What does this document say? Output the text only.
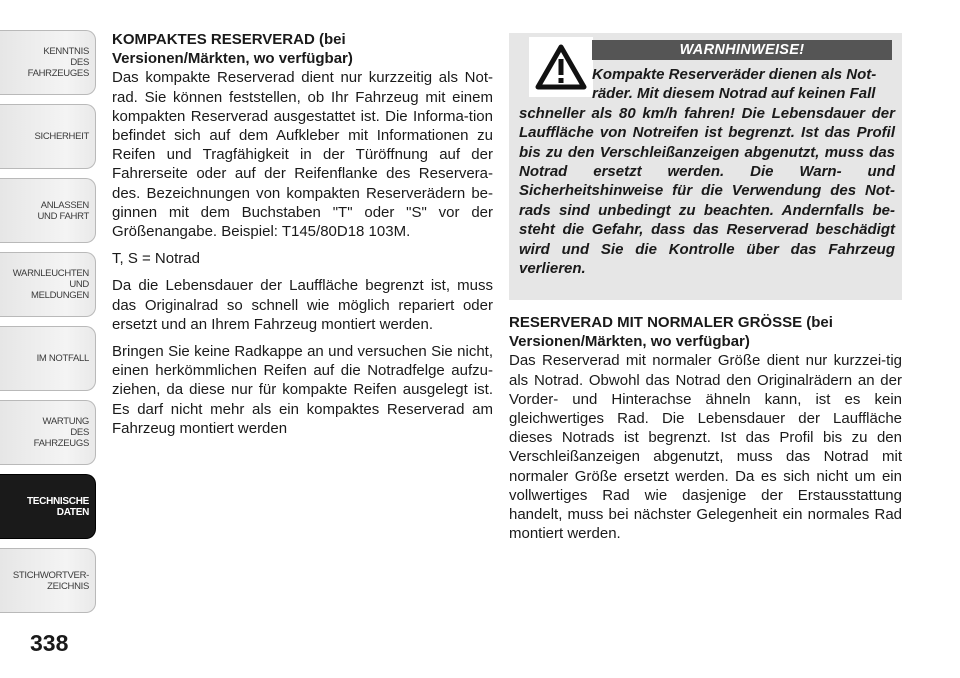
KENNTNIS
DES
FAHRZEUGES
SICHERHEIT
ANLASSEN
UND FAHRT
WARNLEUCHTEN
UND
MELDUNGEN
IM NOTFALL
WARTUNG
DES
FAHRZEUGS
TECHNISCHE
DATEN
STICHWORTVER-
ZEICHNIS
338
KOMPAKTES RESERVERAD (bei
Versionen/Märkten, wo verfügbar)

Das kompakte Reserverad dient nur kurzzeitig als Not-rad. Sie können feststellen, ob Ihr Fahrzeug mit einem kompakten Reserverad ausgestattet ist. Die Informa-tion befindet sich auf dem Aufkleber mit Informationen zu Reifen und Tragfähigkeit in der Türöffnung auf der Fahrerseite oder auf der Reifenflanke des Reservera-des. Bezeichnungen von kompakten Reserverädern be-ginnen mit dem Buchstaben "T" oder "S" vor der Größenangabe. Beispiel: T145/80D18 103M.

T, S = Notrad

Da die Lebensdauer der Lauffläche begrenzt ist, muss das Originalrad so schnell wie möglich repariert oder ersetzt und an Ihrem Fahrzeug montiert werden.

Bringen Sie keine Radkappe an und versuchen Sie nicht, einen herkömmlichen Reifen auf die Notradfelge aufzu-ziehen, da diese nur für kompakte Reifen ausgelegt ist. Es darf nicht mehr als ein kompaktes Reserverad am Fahrzeug montiert werden

WARNHINWEISE!
Kompakte Reserveräder dienen als Not-
räder. Mit diesem Notrad auf keinen Fall
schneller als 80 km/h fahren! Die Lebensdauer der Lauffläche von Notreifen ist begrenzt. Ist das Profil bis zu den Verschleißanzeigen abgenutzt, muss das Notrad ersetzt werden. Die Warn- und Sicherheitshinweise für die Verwendung des Not-rads sind unbedingt zu beachten. Andernfalls be-steht die Gefahr, dass das Reserverad beschädigt wird und Sie die Kontrolle über das Fahrzeug verlieren.
RESERVERAD MIT NORMALER GRÖSSE (bei
Versionen/Märkten, wo verfügbar)

Das Reserverad mit normaler Größe dient nur kurzzei-tig als Notrad. Obwohl das Notrad den Originalrädern an der Vorder- und Hinterachse ähneln kann, ist es kein gleichwertiges Rad. Die Lebensdauer der Lauffläche dieses Notrads ist begrenzt. Ist das Profil bis zu den Verschleißanzeigen abgenutzt, muss das Notrad mit normaler Größe ersetzt werden. Da es sich nicht um ein vollwertiges Rad wie dasjenige der Erstausstattung handelt, muss bei nächster Gelegenheit ein normales Rad montiert werden.
